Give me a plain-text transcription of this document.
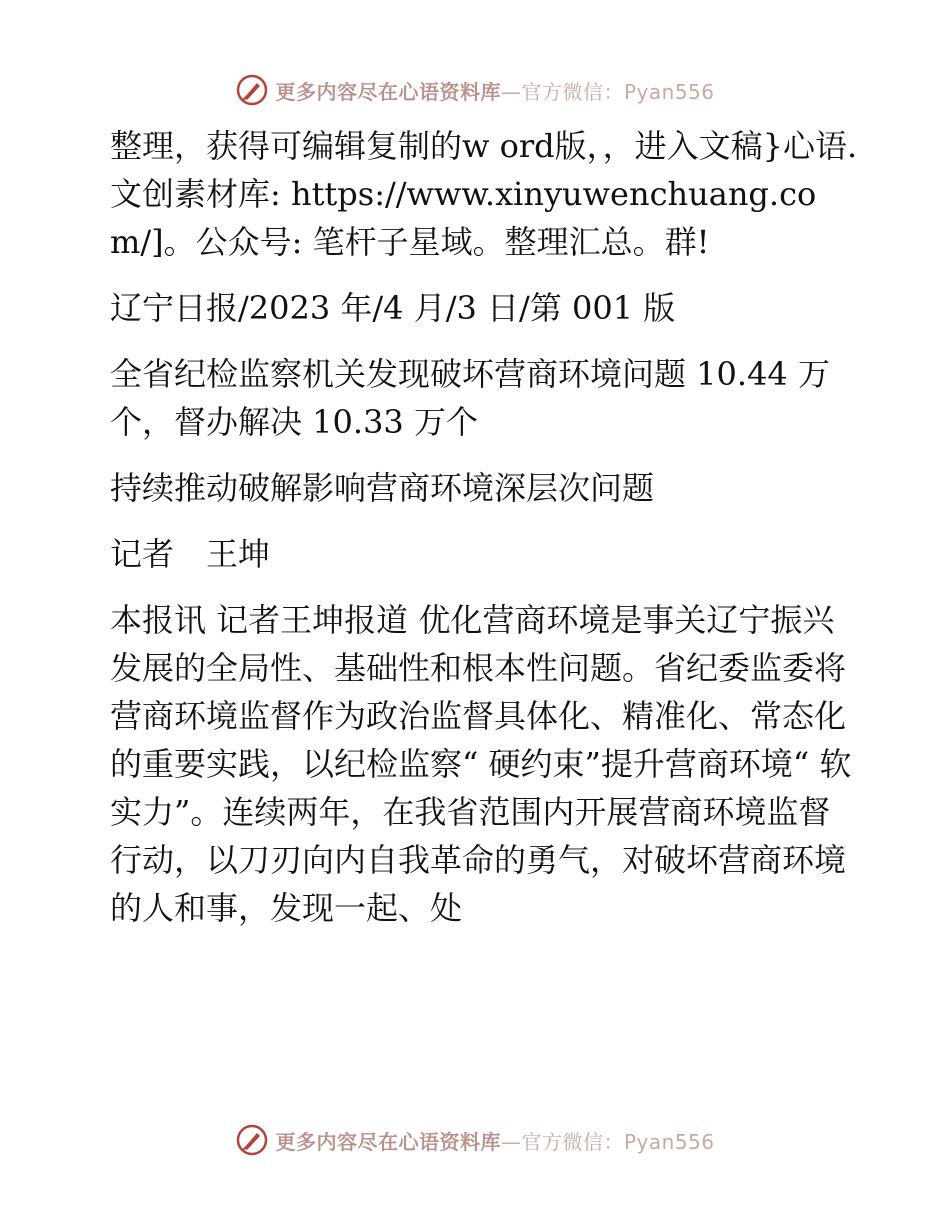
更多内容尽在心语资料库—官方微信：Pyan556

整理，获得可编辑复制的w ord版，，进入文稿}心语.文创素材库: https://www.xinyuwenchuang.com/]。公众号: 笔杆子星域。整理汇总。群!

辽宁日报/2023 年/4 月/3 日/第 001 版

全省纪检监察机关发现破坏营商环境问题 10.44 万个，督办解决 10.33 万个

持续推动破解影响营商环境深层次问题

记者　王坤

本报讯 记者王坤报道 优化营商环境是事关辽宁振兴发展的全局性、基础性和根本性问题。省纪委监委将营商环境监督作为政治监督具体化、精准化、常态化的重要实践，以纪检监察“ 硬约束”提升营商环境“ 软实力”。连续两年，在我省范围内开展营商环境监督行动，以刀刃向内自我革命的勇气，对破坏营商环境的人和事，发现一起、处

更多内容尽在心语资料库—官方微信：Pyan556
